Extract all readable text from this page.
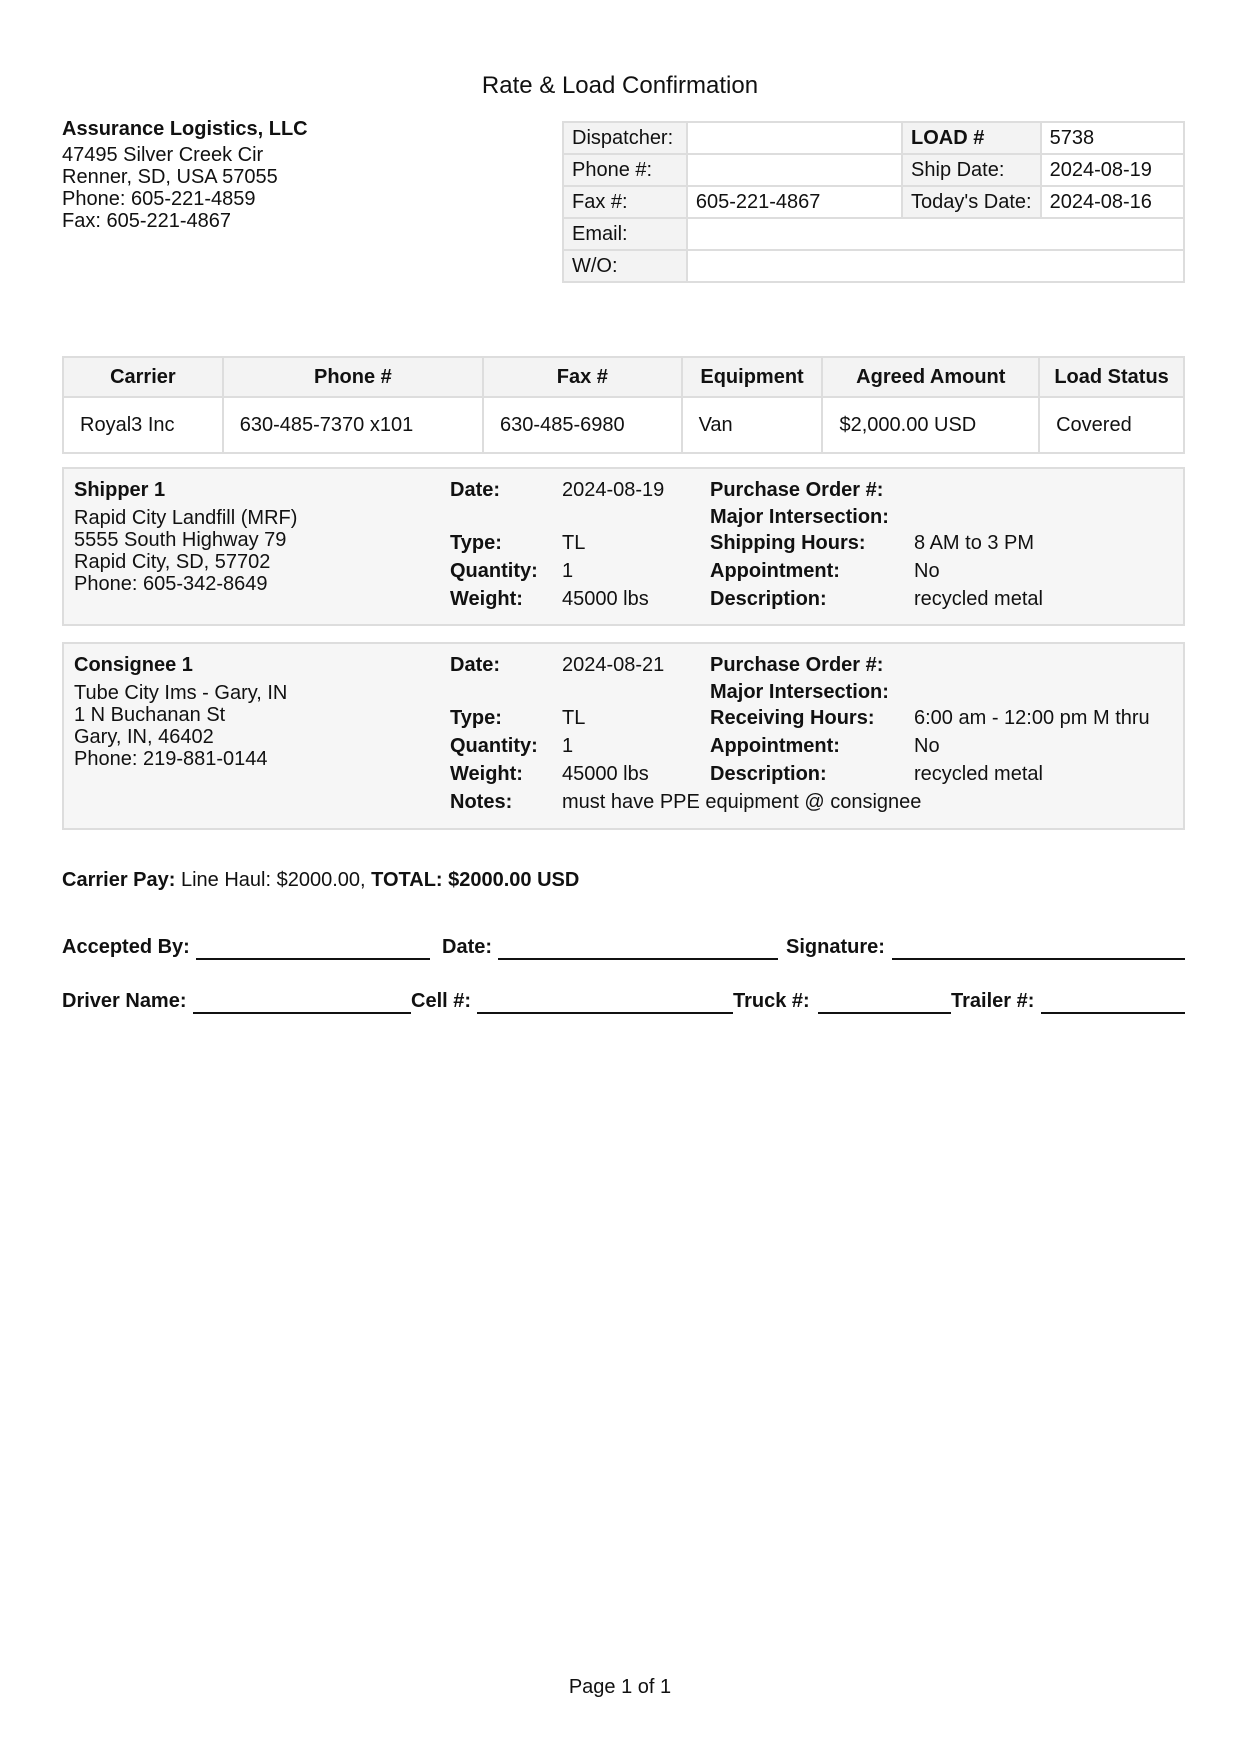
Rate & Load Confirmation
Assurance Logistics, LLC
47495 Silver Creek Cir
Renner, SD, USA 57055
Phone: 605-221-4859
Fax: 605-221-4867
Dispatcher:		LOAD #	5738
Phone #:		Ship Date:	2024-08-19
Fax #:	605-221-4867	Today's Date:	2024-08-16
Email:			
W/O:			
Carrier	Phone #	Fax #	Equipment	Agreed Amount	Load Status
Royal3 Inc	630-485-7370 x101	630-485-6980	Van	$2,000.00 USD	Covered
Shipper 1
Rapid City Landfill (MRF)
5555 South Highway 79
Rapid City, SD, 57702
Phone: 605-342-8649
Date:	2024-08-19
Type:	TL
Quantity: 1
Weight: 45000 lbs
Purchase Order #:
Major Intersection:
Shipping Hours: 8 AM to 3 PM
Appointment:	No
Description:	recycled metal
Consignee 1
Tube City Ims - Gary, IN
1 N Buchanan St
Gary, IN, 46402
Phone: 219-881-0144
Date:	2024-08-21
Type:	TL
Quantity: 1
Weight: 45000 lbs
Notes: must have PPE equipment @ consignee
Purchase Order #:
Major Intersection:
Receiving Hours: 6:00 am - 12:00 pm M thru
Appointment:	No
Description:	recycled metal
Carrier Pay: Line Haul: $2000.00, TOTAL: $2000.00 USD
Accepted By:	Date:	Signature:
Driver Name:	Cell #:	Truck #:	Trailer #:
Page 1 of 1
